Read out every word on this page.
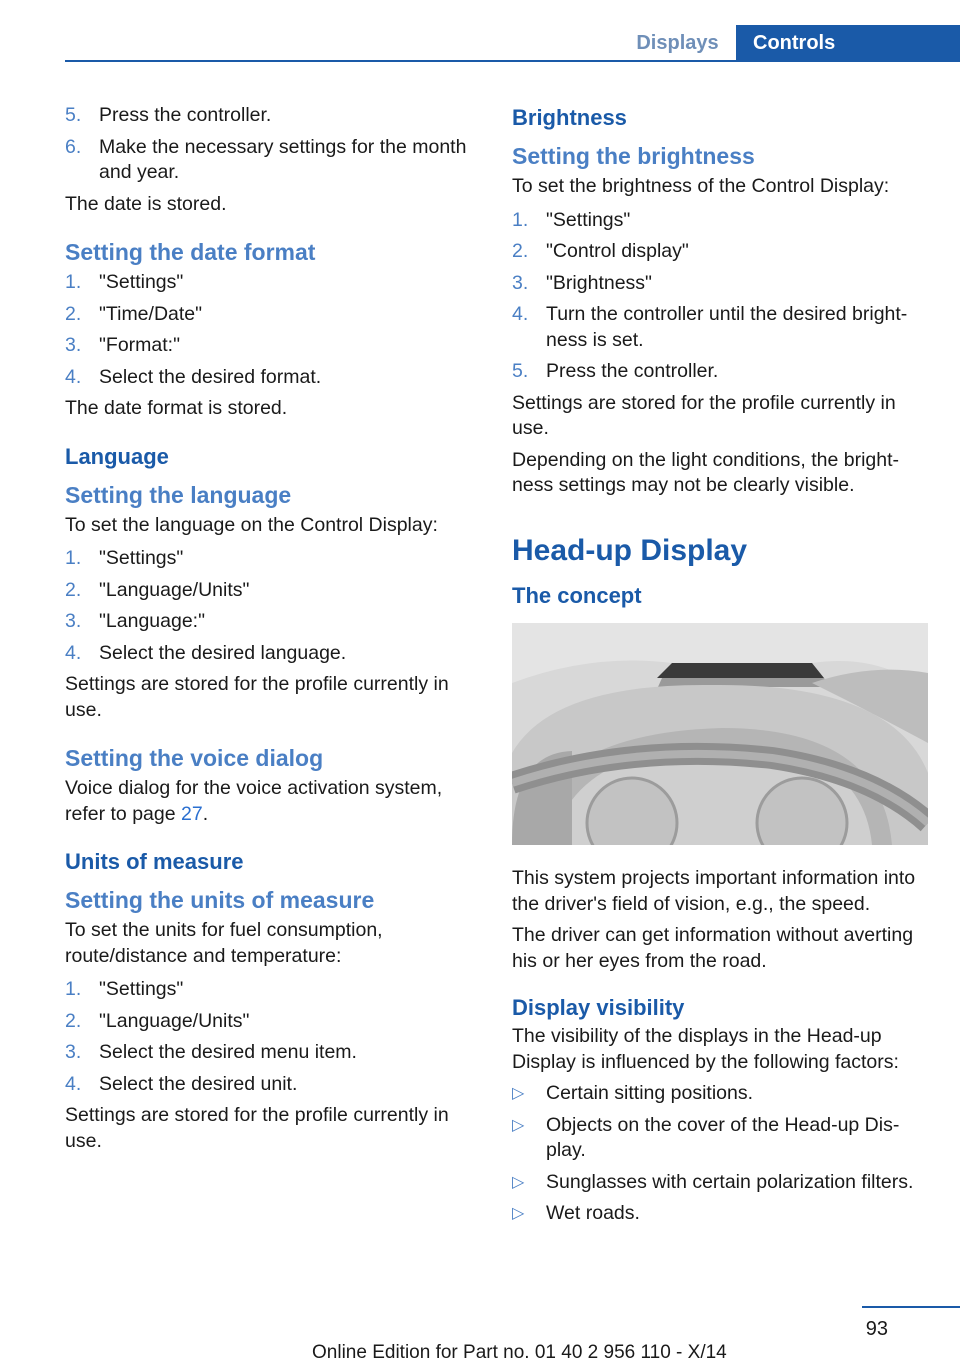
Displays	Controls
5. Press the controller.
6. Make the necessary settings for the month and year.

The date is stored.

Setting the date format
1. "Settings"
2. "Time/Date"
3. "Format:"
4. Select the desired format.

The date format is stored.

Language
Setting the language

To set the language on the Control Display:

1. "Settings"
2. "Language/Units"
3. "Language:"
4. Select the desired language.

Settings are stored for the profile currently in use.

Setting the voice dialog

Voice dialog for the voice activation system, refer to page 27.

Units of measure
Setting the units of measure

To set the units for fuel consumption, route/distance and temperature:

1. "Settings"
2. "Language/Units"
3. Select the desired menu item.
4. Select the desired unit.

Settings are stored for the profile currently in use.

Brightness
Setting the brightness

To set the brightness of the Control Display:

1. "Settings"
2. "Control display"
3. "Brightness"
4. Turn the controller until the desired bright-ness is set.
5. Press the controller.

Settings are stored for the profile currently in use.

Depending on the light conditions, the bright-ness settings may not be clearly visible.

Head-up Display
The concept

This system projects important information into the driver's field of vision, e.g., the speed.

The driver can get information without averting his or her eyes from the road.

Display visibility

The visibility of the displays in the Head-up Display is influenced by the following factors:

▷	Certain sitting positions.
▷	Objects on the cover of the Head-up Dis-play.
▷	Sunglasses with certain polarization filters.
▷	Wet roads.
93
Online Edition for Part no. 01 40 2 956 110 - X/14
